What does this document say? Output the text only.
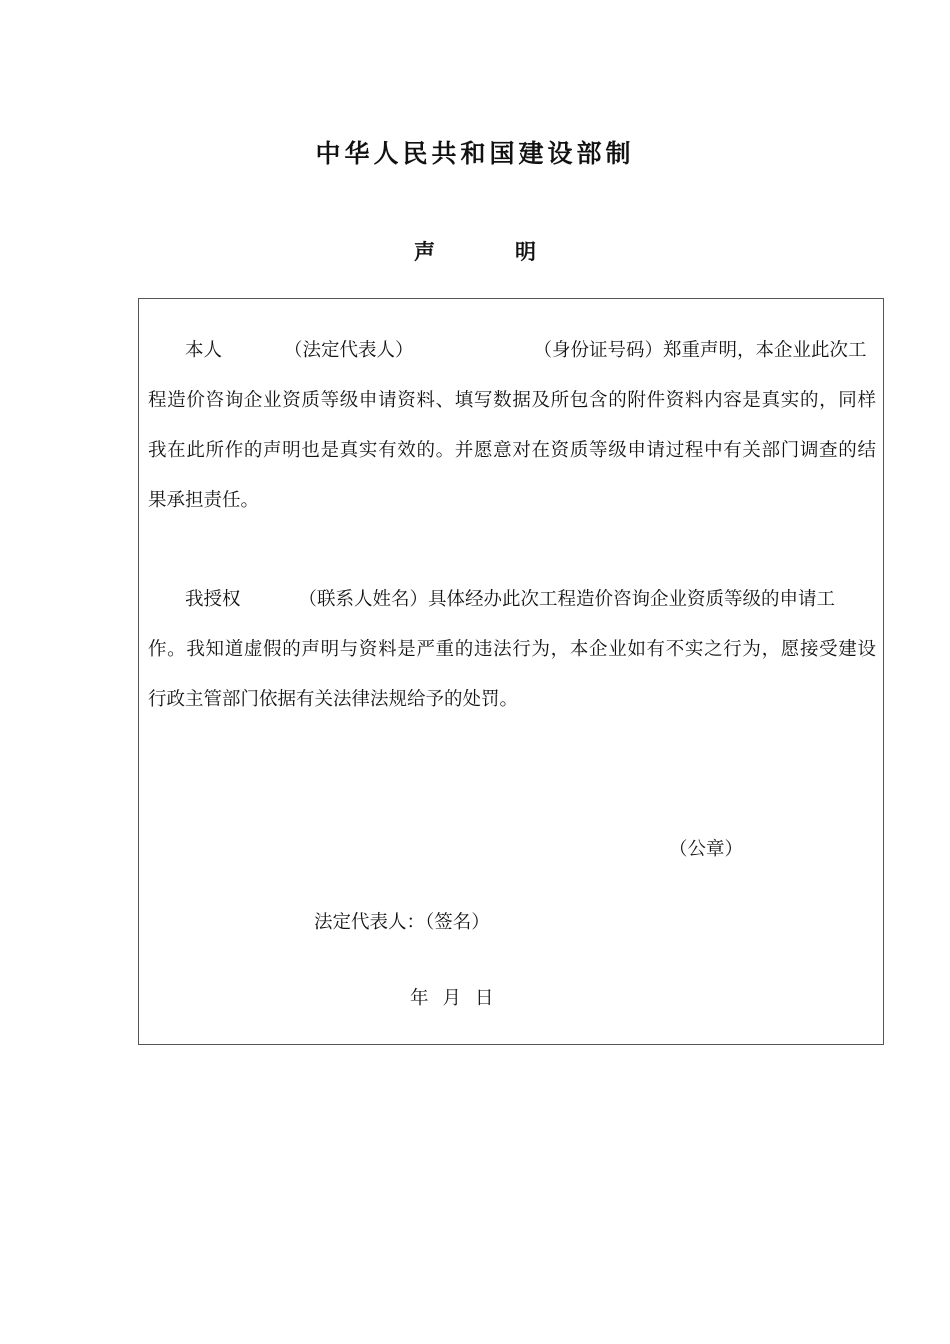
中华人民共和国建设部制
声	明
本人	（法定代表人）	（身份证号码）郑重声明，本企业此次工
程造价咨询企业资质等级申请资料、填写数据及所包含的附件资料内容是真实的，同样
我在此所作的声明也是真实有效的。并愿意对在资质等级申请过程中有关部门调查的结
果承担责任。
我授权	（联系人姓名）具体经办此次工程造价咨询企业资质等级的申请工
作。我知道虚假的声明与资料是严重的违法行为，本企业如有不实之行为，愿接受建设
行政主管部门依据有关法律法规给予的处罚。
（公章）
法定代表人：（签名）
年 月 日
